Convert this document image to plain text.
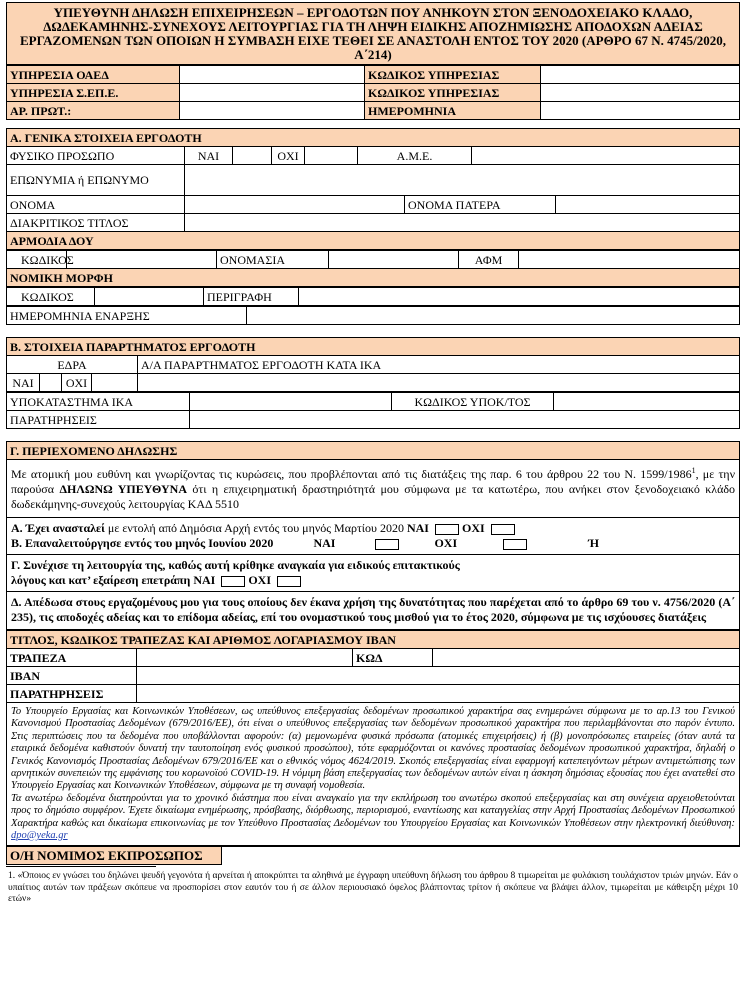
ΥΠΕΥΘΥΝΗ ΔΗΛΩΣΗ ΕΠΙΧΕΙΡΗΣΕΩΝ – ΕΡΓΟΔΟΤΩΝ ΠΟΥ ΑΝΗΚΟΥΝ ΣΤΟΝ ΞΕΝΟΔΟΧΕΙΑΚΟ ΚΛΑΔΟ, ΔΩΔΕΚΑΜΗΝΗΣ-ΣΥΝΕΧΟΥΣ ΛΕΙΤΟΥΡΓΙΑΣ ΓΙΑ ΤΗ ΛΗΨΗ ΕΙΔΙΚΗΣ ΑΠΟΖΗΜΙΩΣΗΣ ΑΠΟΔΟΧΩΝ ΑΔΕΙΑΣ ΕΡΓΑΖΟΜΕΝΩΝ ΤΩΝ ΟΠΟΙΩΝ Η ΣΥΜΒΑΣΗ ΕΙΧΕ ΤΕΘΕΙ ΣΕ ΑΝΑΣΤΟΛΗ ΕΝΤΟΣ ΤΟΥ 2020 (ΑΡΘΡΟ 67 Ν. 4745/2020, Α΄214)
ΥΠΗΡΕΣΙΑ ΟΑΕΔ		ΚΩΔΙΚΟΣ ΥΠΗΡΕΣΙΑΣ	
ΥΠΗΡΕΣΙΑ Σ.ΕΠ.Ε.		ΚΩΔΙΚΟΣ ΥΠΗΡΕΣΙΑΣ	
ΑΡ. ΠΡΩΤ.:		ΗΜΕΡΟΜΗΝΙΑ	
Α. ΓΕΝΙΚΑ ΣΤΟΙΧΕΙΑ ΕΡΓΟΔΟΤΗ								
ΦΥΣΙΚΟ ΠΡΟΣΩΠΟ	ΝΑΙ		ΟΧΙ		Α.Μ.Ε.			
ΕΠΩΝΥΜΙΑ ή ΕΠΩΝΥΜΟ								
ΟΝΟΜΑ						ΟΝΟΜΑ ΠΑΤΕΡΑ		
ΔΙΑΚΡΙΤΙΚΟΣ ΤΙΤΛΟΣ								
ΑΡΜΟΔΙΑ ΔΟΥ								
ΚΩΔΙΚΟΣ		ΟΝΟΜΑΣΙΑ		ΑΦΜ	
ΝΟΜΙΚΗ ΜΟΡΦΗ
ΚΩΔΙΚΟΣ		ΠΕΡΙΓΡΑΦΗ	
ΗΜΕΡΟΜΗΝΙΑ ΕΝΑΡΞΗΣ	
Β. ΣΤΟΙΧΕΙΑ ΠΑΡΑΡΤΗΜΑΤΟΣ ΕΡΓΟΔΟΤΗ				
ΕΔΡΑ				Α/Α ΠΑΡΑΡΤΗΜΑΤΟΣ ΕΡΓΟΔΟΤΗ ΚΑΤΑ ΙΚΑ
ΝΑΙ		ΟΧΙ		
ΥΠΟΚΑΤΑΣΤΗΜΑ ΙΚΑ		ΚΩΔΙΚΟΣ ΥΠΟΚ/ΤΟΣ	
ΠΑΡΑΤΗΡΗΣΕΙΣ			
Γ. ΠΕΡΙΕΧΟΜΕΝΟ ΔΗΛΩΣΗΣ
Με ατομική μου ευθύνη και γνωρίζοντας τις κυρώσεις, που προβλέπονται από τις διατάξεις της παρ. 6 του άρθρου 22 του Ν. 1599/1986$^1$, με την παρούσα ΔΗΛΩΝΩ ΥΠΕΥΘΥΝΑ ότι η επιχειρηματική δραστηριότητά μου σύμφωνα με τα κατωτέρω, που ανήκει στον ξενοδοχειακό κλάδο δωδεκάμηνης-συνεχούς λειτουργίας ΚΑΔ 5510

Α. Έχει ανασταλεί με εντολή από Δημόσια Αρχή εντός του μηνός Μαρτίου 2020 ΝΑΙ	ΟΧΙ
Β. Επαναλειτούργησε εντός του μηνός Ιουνίου 2020	ΝΑΙ	ΟΧΙ	Ή

Γ. Συνέχισε τη λειτουργία της, καθώς αυτή κρίθηκε αναγκαία για ειδικούς επιτακτικούς
λόγους και κατ’ εξαίρεση επετράπη ΝΑΙ	ΟΧΙ

Δ. Απέδωσα στους εργαζομένους μου για τους οποίους δεν έκανα χρήση της δυνατότητας που παρέχεται από το άρθρο 69 του ν. 4756/2020 (Α΄ 235), τις αποδοχές αδείας και το επίδομα αδείας, επί του ονομαστικού τους μισθού για το έτος 2020, σύμφωνα με τις ισχύουσες διατάξεις
ΤΙΤΛΟΣ, ΚΩΔΙΚΟΣ ΤΡΑΠΕΖΑΣ ΚΑΙ ΑΡΙΘΜΟΣ ΛΟΓΑΡΙΑΣΜΟΥ IBAN			
ΤΡΑΠΕΖΑ		ΚΩΔ	
IBAN			
ΠΑΡΑΤΗΡΗΣΕΙΣ			

Το Υπουργείο Εργασίας και Κοινωνικών Υποθέσεων, ως υπεύθυνος επεξεργασίας δεδομένων προσωπικού χαρακτήρα σας ενημερώνει σύμφωνα με το αρ.13 του Γενικού Κανονισμού Προστασίας Δεδομένων (679/2016/ΕΕ), ότι είναι ο υπεύθυνος επεξεργασίας των δεδομένων προσωπικού χαρακτήρα που περιλαμβάνονται στο παρόν έντυπο. Στις περιπτώσεις που τα δεδομένα που υποβάλλονται αφορούν: (α) μεμονωμένα φυσικά πρόσωπα (ατομικές επιχειρήσεις) ή (β) μονοπρόσωπες εταιρείες (όταν αυτά τα εταιρικά δεδομένα καθιστούν δυνατή την ταυτοποίηση ενός φυσικού προσώπου), τότε εφαρμόζονται οι κανόνες προστασίας δεδομένων προσωπικού χαρακτήρα, δηλαδή ο Γενικός Κανονισμός Προστασίας Δεδομένων 679/2016/ΕΕ και ο εθνικός νόμος 4624/2019. Σκοπός επεξεργασίας είναι εφαρμογή κατεπειγόντων μέτρων αντιμετώπισης των αρνητικών συνεπειών της εμφάνισης του κορωνοϊού COVID-19. Η νόμιμη βάση επεξεργασίας των δεδομένων αυτών είναι η άσκηση δημόσιας εξουσίας που έχει ανατεθεί στο Υπουργείο Εργασίας και Κοινωνικών Υποθέσεων, σύμφωνα με τη συναφή νομοθεσία.
Τα ανωτέρω δεδομένα διατηρούνται για το χρονικό διάστημα που είναι αναγκαίο για την εκπλήρωση του ανωτέρω σκοπού επεξεργασίας και στη συνέχεια αρχειοθετούνται προς το δημόσιο συμφέρον. Έχετε δικαίωμα ενημέρωσης, πρόσβασης, διόρθωσης, περιορισμού, εναντίωσης και καταγγελίας στην Αρχή Προστασίας Δεδομένων Προσωπικού Χαρακτήρα καθώς και δικαίωμα επικοινωνίας με τον Υπεύθυνο Προστασίας Δεδομένων του Υπουργείου Εργασίας και Κοινωνικών Υποθέσεων στην ηλεκτρονική διεύθυνση: dpo@yeka.gr			
Ο/Η ΝΟΜΙΜΟΣ ΕΚΠΡΟΣΩΠΟΣ	
1. «Όποιος εν γνώσει του δηλώνει ψευδή γεγονότα ή αρνείται ή αποκρύπτει τα αληθινά με έγγραφη υπεύθυνη δήλωση του άρθρου 8 τιμωρείται με φυλάκιση τουλάχιστον τριών μηνών. Εάν ο υπαίτιος αυτών των πράξεων σκόπευε να προσπορίσει στον εαυτόν του ή σε άλλον περιουσιακό όφελος βλάπτοντας τρίτον ή σκόπευε να βλάψει άλλον, τιμωρείται με κάθειρξη μέχρι 10 ετών»
